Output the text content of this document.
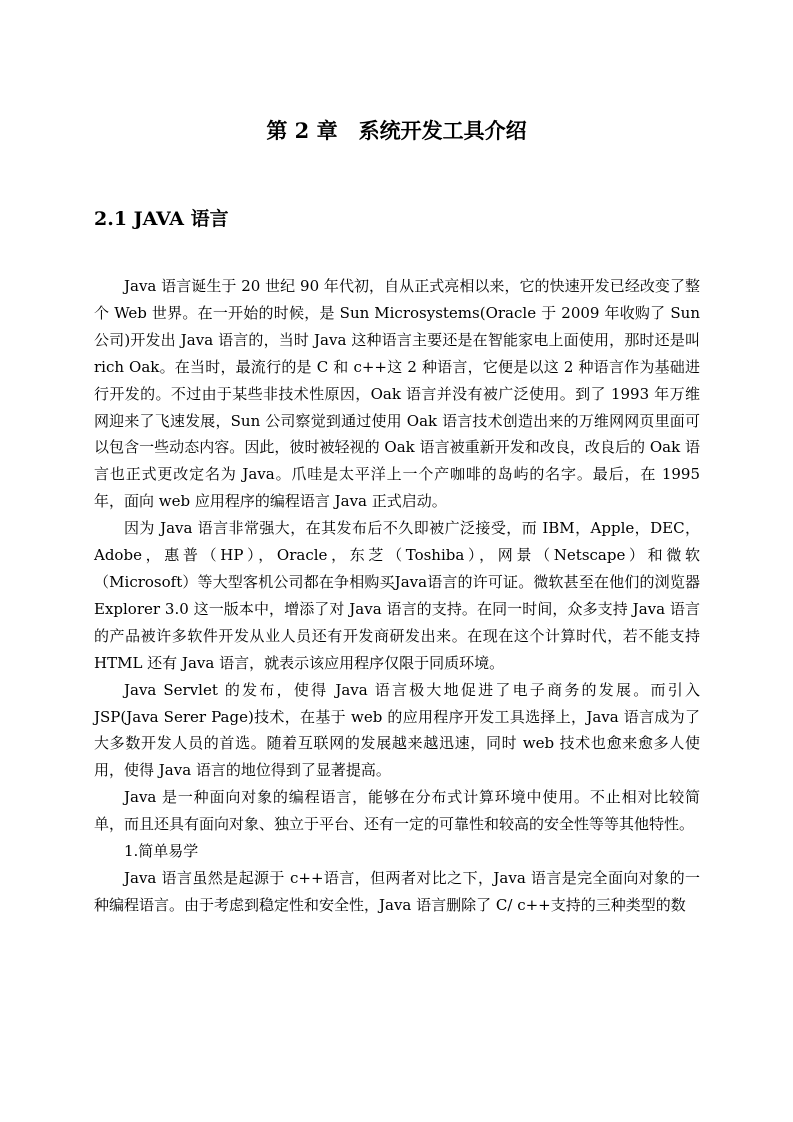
第 2 章　系统开发工具介绍
2.1 JAVA 语言

Java 语言诞生于 20 世纪 90 年代初，自从正式亮相以来，它的快速开发已经改变了整个 Web 世界。在一开始的时候，是 Sun Microsystems(Oracle 于 2009 年收购了 Sun 公司)开发出 Java 语言的，当时 Java 这种语言主要还是在智能家电上面使用，那时还是叫 rich Oak。在当时，最流行的是 C 和 c++这 2 种语言，它便是以这 2 种语言作为基础进行开发的。不过由于某些非技术性原因，Oak 语言并没有被广泛使用。到了 1993 年万维网迎来了飞速发展，Sun 公司察觉到通过使用 Oak 语言技术创造出来的万维网网页里面可以包含一些动态内容。因此，彼时被轻视的 Oak 语言被重新开发和改良，改良后的 Oak 语言也正式更改定名为 Java。爪哇是太平洋上一个产咖啡的岛屿的名字。最后，在 1995 年，面向 web 应用程序的编程语言 Java 正式启动。

因为 Java 语言非常强大，在其发布后不久即被广泛接受，而 IBM，Apple，DEC，Adobe，惠普（HP），Oracle，东芝（Toshiba），网景（Netscape）和微软（Microsoft）等大型客机公司都在争相购买Java语言的许可证。微软甚至在他们的浏览器 Explorer 3.0 这一版本中，增添了对 Java 语言的支持。在同一时间，众多支持 Java 语言的产品被许多软件开发从业人员还有开发商研发出来。在现在这个计算时代，若不能支持 HTML 还有 Java 语言，就表示该应用程序仅限于同质环境。

Java Servlet 的发布，使得 Java 语言极大地促进了电子商务的发展。而引入 JSP(Java Serer Page)技术，在基于 web 的应用程序开发工具选择上，Java 语言成为了大多数开发人员的首选。随着互联网的发展越来越迅速，同时 web 技术也愈来愈多人使用，使得 Java 语言的地位得到了显著提高。

Java 是一种面向对象的编程语言，能够在分布式计算环境中使用。不止相对比较简单，而且还具有面向对象、独立于平台、还有一定的可靠性和较高的安全性等等其他特性。

1.简单易学

Java 语言虽然是起源于 c++语言，但两者对比之下，Java 语言是完全面向对象的一种编程语言。由于考虑到稳定性和安全性，Java 语言删除了 C/ c++支持的三种类型的数
